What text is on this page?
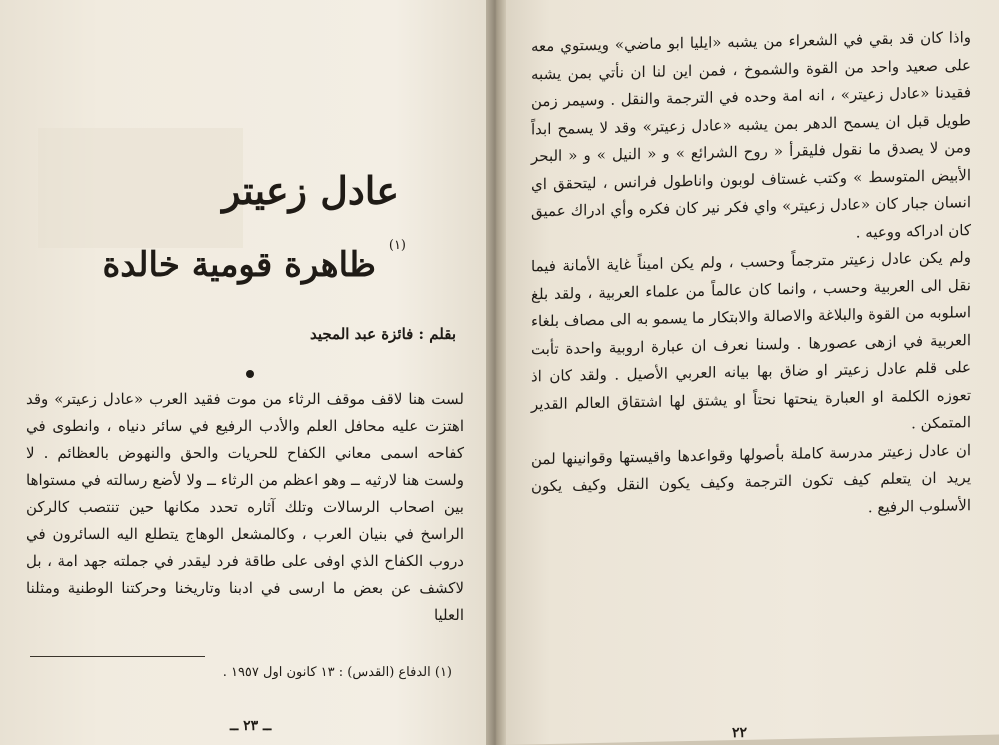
عادل زعيتر
(١)
ظاهرة قومية خالدة
بقلم : فائزة عبد المجيد

لست هنا لاقف موقف الرثاء من موت فقيد العرب «عادل زعيتر» وقد اهتزت عليه محافل العلم والأدب الرفيع في سائر دنياه ، وانطوى في كفاحه اسمى معاني الكفاح للحريات والحق والنهوض بالعظائم . لا ولست هنا لارثيه ــ وهو اعظم من الرثاء ــ ولا لأضع رسالته في مستواها بين اصحاب الرسالات وتلك آثاره تحدد مكانها حين تنتصب كالركن الراسخ في بنيان العرب ، وكالمشعل الوهاج يتطلع اليه السائرون في دروب الكفاح الذي اوفى على طاقة فرد ليقدر في جملته جهد امة ، بل لاكشف عن بعض ما ارسى في ادبنا وتاريخنا وحركتنا الوطنية ومثلنا العليا

(١) الدفاع (القدس) : ١٣ كانون اول ١٩٥٧ .
ــ ٢٣ ــ

واذا كان قد بقي في الشعراء من يشبه «ايليا ابو ماضي» ويستوي معه على صعيد واحد من القوة والشموخ ، فمن اين لنا ان نأتي بمن يشبه فقيدنا «عادل زعيتر» ، انه امة وحده في الترجمة والنقل . وسيمر زمن طويل قبل ان يسمح الدهر بمن يشبه «عادل زعيتر» وقد لا يسمح ابداً ومن لا يصدق ما نقول فليقرأ « روح الشرائع » و « النيل » و « البحر الأبيض المتوسط » وكتب غستاف لوبون واناطول فرانس ، ليتحقق اي انسان جبار كان «عادل زعيتر» واي فكر نير كان فكره وأي ادراك عميق كان ادراكه ووعيه .

ولم يكن عادل زعيتر مترجماً وحسب ، ولم يكن اميناً غاية الأمانة فيما نقل الى العربية وحسب ، وانما كان عالماً من علماء العربية ، ولقد بلغ اسلوبه من القوة والبلاغة والاصالة والابتكار ما يسمو به الى مصاف بلغاء العربية في ازهى عصورها . ولسنا نعرف ان عبارة اروبية واحدة تأبت على قلم عادل زعيتر او ضاق بها بيانه العربي الأصيل . ولقد كان اذ تعوزه الكلمة او العبارة ينحتها نحتاً او يشتق لها اشتقاق العالم القدير المتمكن .

ان عادل زعيتر مدرسة كاملة بأصولها وقواعدها واقيستها وقوانينها لمن يريد ان يتعلم كيف تكون الترجمة وكيف يكون النقل وكيف يكون الأسلوب الرفيع .

٢٢
